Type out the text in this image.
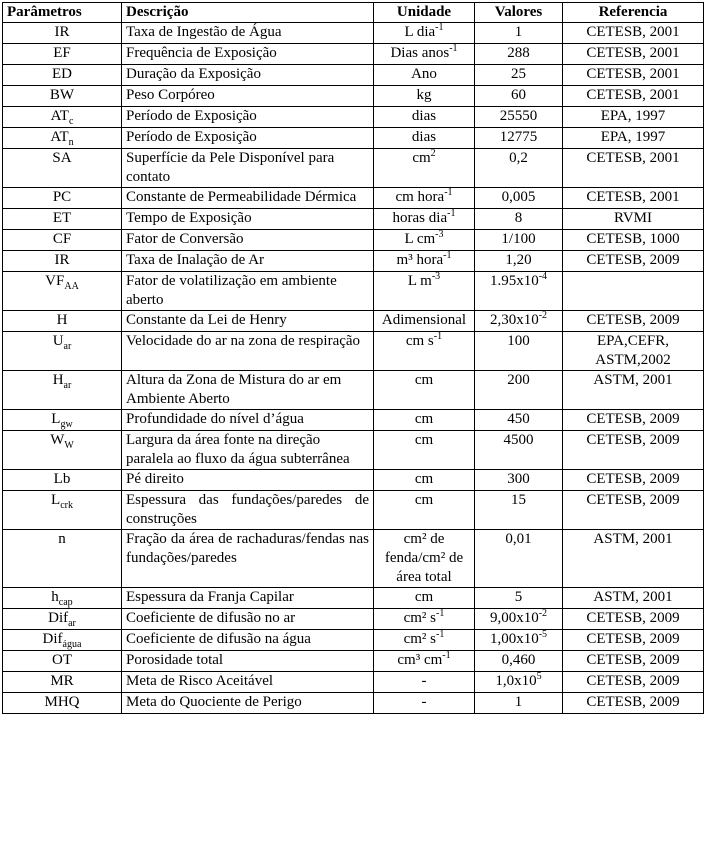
Parâmetros	Descrição	Unidade	Valores	Referencia
IR	Taxa de Ingestão de Água	L dia$^{-1}$	1	CETESB, 2001
EF	Frequência de Exposição	Dias anos$^{-1}$	288	CETESB, 2001
ED	Duração da Exposição	Ano	25	CETESB, 2001
BW	Peso Corpóreo	kg	60	CETESB, 2001
$AT_c$	Período de Exposição	dias	25550	EPA, 1997
$AT_n$	Período de Exposição	dias	12775	EPA, 1997
SA	Superfície da Pele Disponível para contato	$cm^2$	0,2	CETESB, 2001
PC	Constante de Permeabilidade Dérmica	cm hora$^{-1}$	0,005	CETESB, 2001
ET	Tempo de Exposição	horas dia$^{-1}$	8	RVMI
CF	Fator de Conversão	L $cm^{-3}$	1/100	CETESB, 1000
IR	Taxa de Inalação de Ar	m³ hora$^{-1}$	1,20	CETESB, 2009
$VF_{AA}$	Fator de volatilização em ambiente aberto	L $m^{-3}$	$1.95x10^{-4}$	
H	Constante da Lei de Henry	Adimensional	$2,30x10^{-2}$	CETESB, 2009
$U_{ar}$	Velocidade do ar na zona de respiração	cm $s^{-1}$	100	EPA,CEFR, ASTM,2002
$H_{ar}$	Altura da Zona de Mistura do ar em Ambiente Aberto	cm	200	ASTM, 2001
$L_{gw}$	Profundidade do nível d’água	cm	450	CETESB, 2009
$W_W$	Largura da área fonte na direção paralela ao fluxo da água subterrânea	cm	4500	CETESB, 2009
Lb	Pé direito	cm	300	CETESB, 2009
$L_{crk}$	Espessura das fundações/paredes de construções	cm	15	CETESB, 2009
n	Fração da área de rachaduras/fendas nas fundações/paredes	cm² de fenda/cm² de área total	0,01	ASTM, 2001
$h_{cap}$	Espessura da Franja Capilar	cm	5	ASTM, 2001
Dif$_{ar}$	Coeficiente de difusão no ar	cm² $s^{-1}$	$9,00x10^{-2}$	CETESB, 2009
Dif$_{água}$	Coeficiente de difusão na água	cm² $s^{-1}$	$1,00x10^{-5}$	CETESB, 2009
OT	Porosidade total	cm³ $cm^{-1}$	0,460	CETESB, 2009
MR	Meta de Risco Aceitável	-	$1,0x10^5$	CETESB, 2009
MHQ	Meta do Quociente de Perigo	-	1	CETESB, 2009
